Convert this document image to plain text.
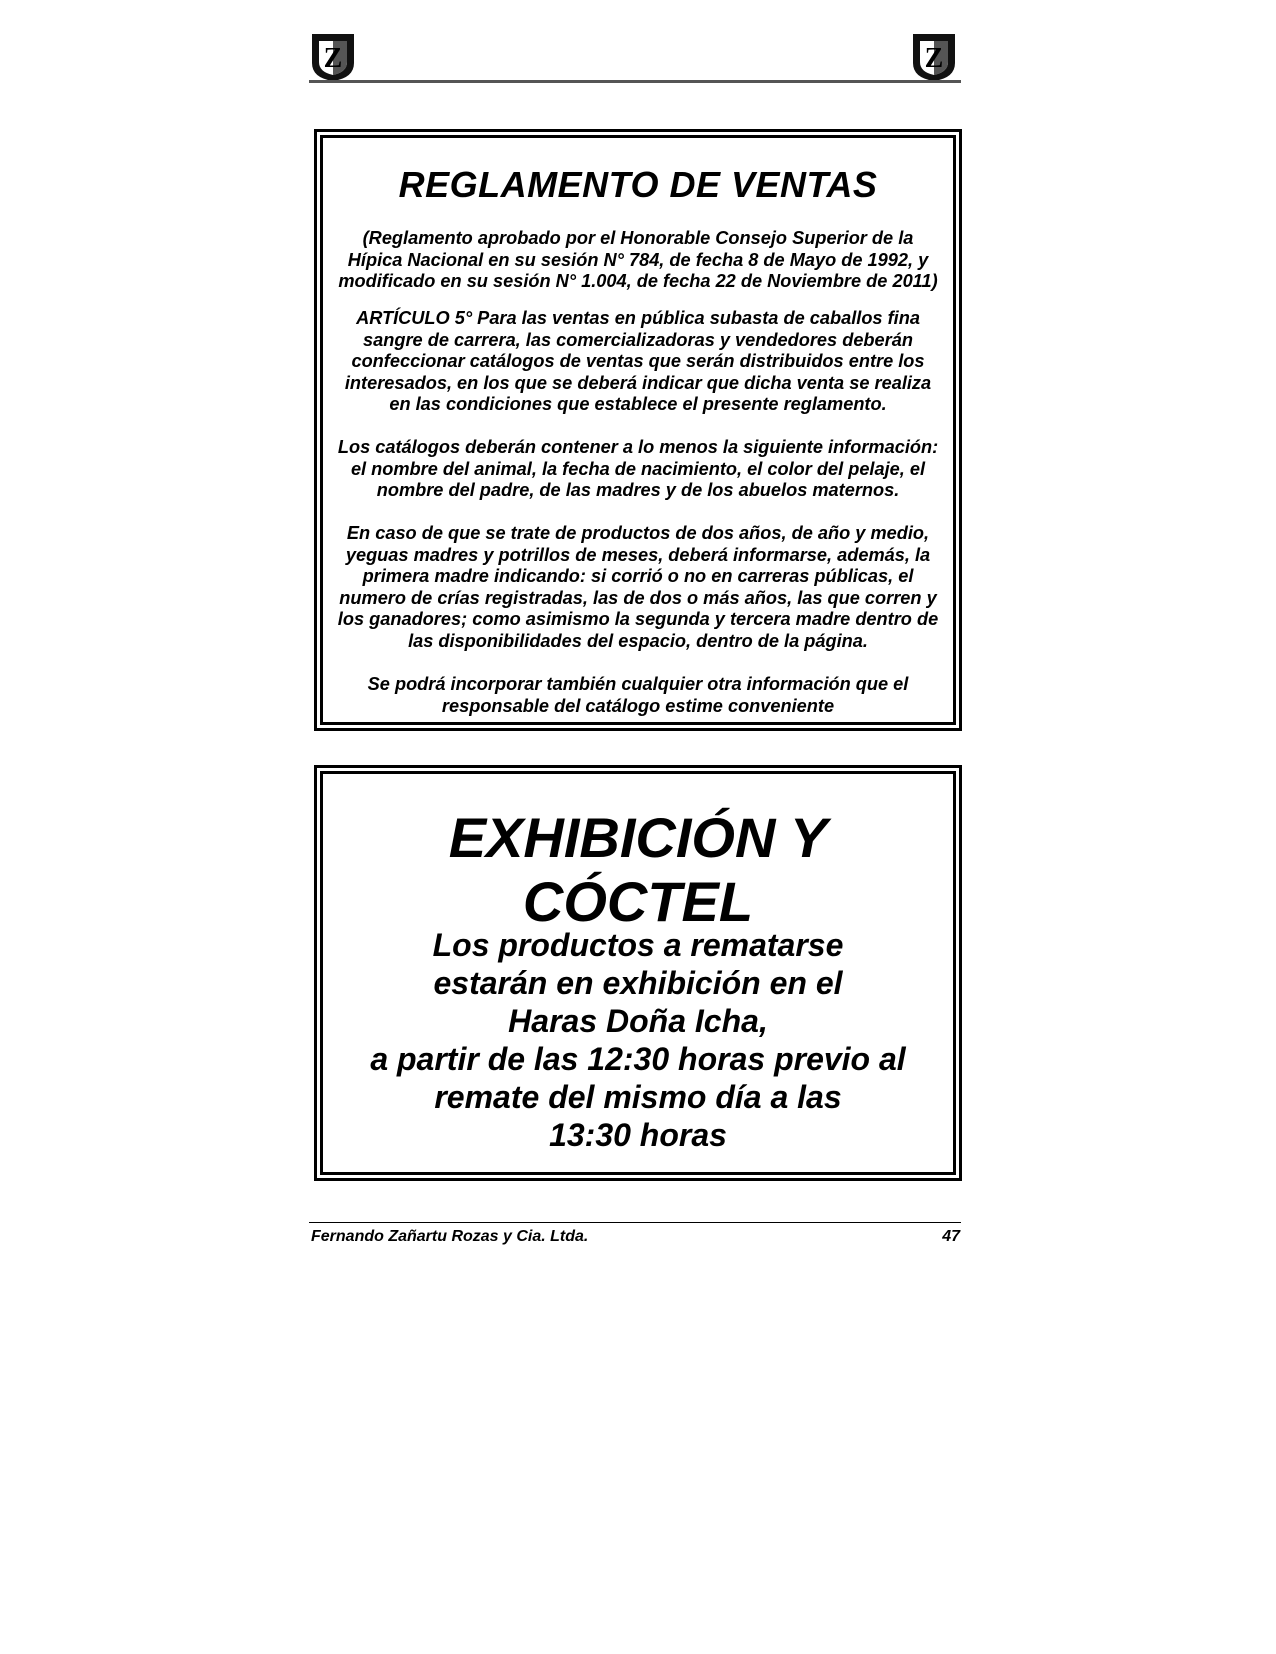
Z	Z
REGLAMENTO DE VENTAS
(Reglamento aprobado por el Honorable Consejo Superior de la Hípica Nacional en su sesión N° 784, de fecha 8 de Mayo de 1992, y modificado en su sesión N° 1.004, de fecha 22 de Noviembre de 2011)
ARTÍCULO 5° Para las ventas en pública subasta de caballos fina sangre de carrera, las comercializadoras y vendedores deberán confeccionar catálogos de ventas que serán distribuidos entre los interesados, en los que se deberá indicar que dicha venta se realiza en las condiciones que establece el presente reglamento.
Los catálogos deberán contener a lo menos la siguiente información: el nombre del animal, la fecha de nacimiento, el color del pelaje, el nombre del padre, de las madres y de los abuelos maternos.
En caso de que se trate de productos de dos años, de año y medio, yeguas madres y potrillos de meses, deberá informarse, además, la primera madre indicando: si corrió o no en carreras públicas, el numero de crías registradas, las de dos o más años, las que corren y los ganadores; como asimismo la segunda y tercera madre dentro de las disponibilidades del espacio, dentro de la página.
Se podrá incorporar también cualquier otra información que el responsable del catálogo estime conveniente
EXHIBICIÓN Y
CÓCTEL
Los productos a rematarse
estarán en exhibición en el
Haras Doña Icha,
a partir de las 12:30 horas previo al
remate del mismo día a las
13:30 horas
Fernando Zañartu Rozas y Cia. Ltda.	47
